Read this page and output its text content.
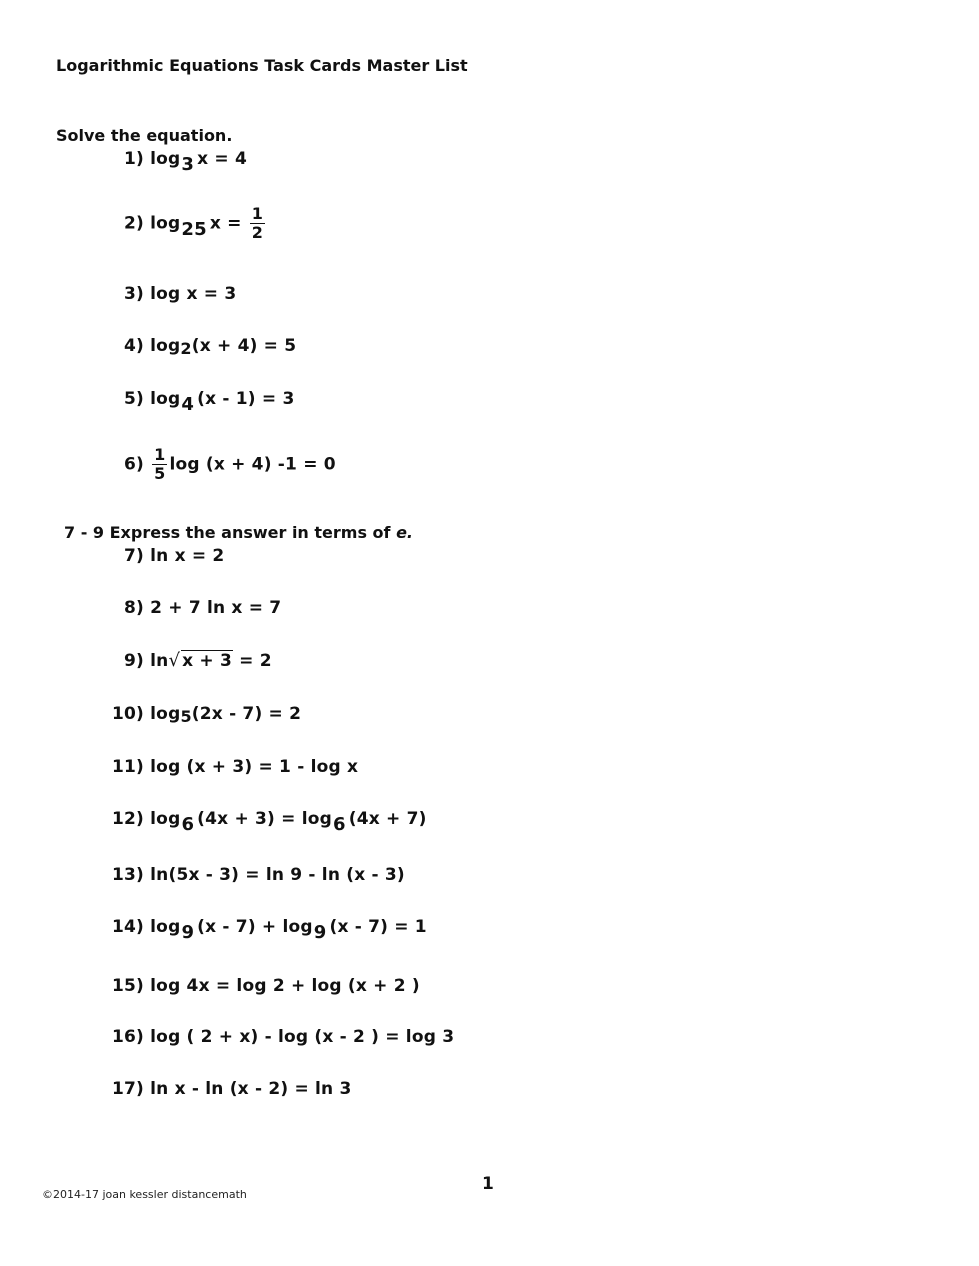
Logarithmic Equations Task Cards Master List
Solve the equation.
1) log3 x = 4
2) log25 $x = \frac{1}{2}$
3) log x = 3
4) log2(x + 4) = 5
5) log4 (x - 1) = 3
$6) \frac{1}{5}$ log (x + 4) -1 = 0
7 - 9 Express the answer in terms of e.
7) ln x = 2
8) 2 + 7 ln x = 7
9) ln√ x + 3 = 2
10) log5(2x - 7) = 2
11) log (x + 3) = 1 - log x
12) log6 (4x + 3) = log6 (4x + 7)
13) ln(5x - 3) = ln 9 - ln (x - 3)
14) log9 (x - 7) + log9 (x - 7) = 1
15) log 4x = log 2 + log (x + 2 )
16) log ( 2 + x) - log (x - 2 ) = log 3
17) ln x - ln (x - 2) = ln 3
1
©2014-17 joan kessler distancemath
